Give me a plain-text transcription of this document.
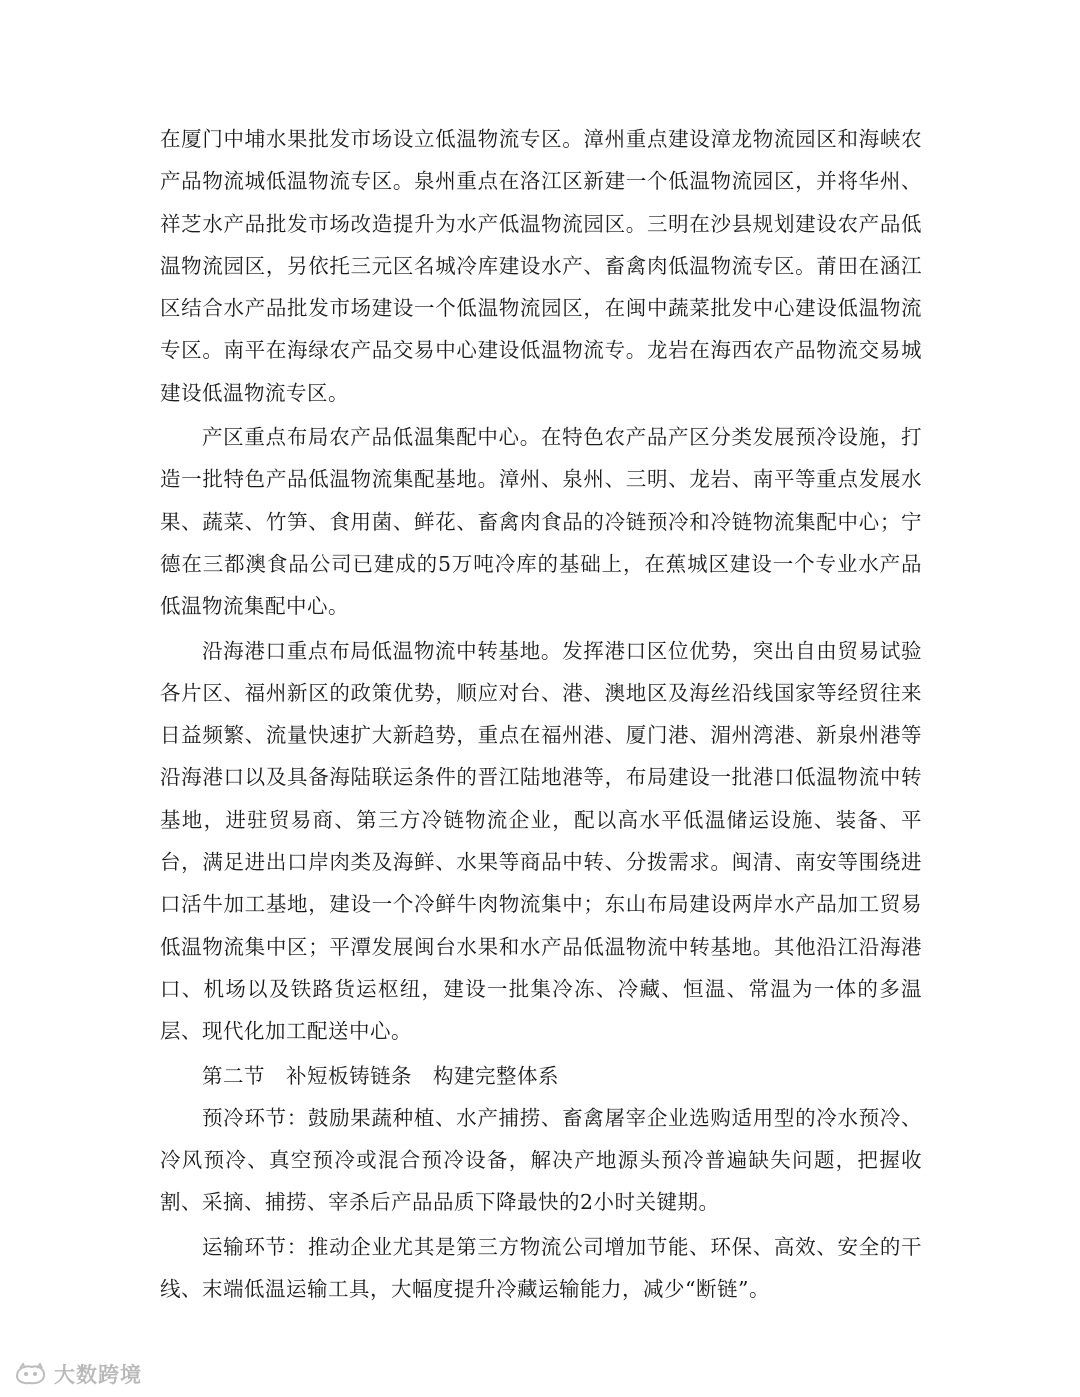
在厦门中埔水果批发市场设立低温物流专区。漳州重点建设漳龙物流园区和海峡农产品物流城低温物流专区。泉州重点在洛江区新建一个低温物流园区，并将华州、祥芝水产品批发市场改造提升为水产低温物流园区。三明在沙县规划建设农产品低温物流园区，另依托三元区名城冷库建设水产、畜禽肉低温物流专区。莆田在涵江区结合水产品批发市场建设一个低温物流园区，在闽中蔬菜批发中心建设低温物流专区。南平在海绿农产品交易中心建设低温物流专。龙岩在海西农产品物流交易城建设低温物流专区。

产区重点布局农产品低温集配中心。在特色农产品产区分类发展预冷设施，打造一批特色产品低温物流集配基地。漳州、泉州、三明、龙岩、南平等重点发展水果、蔬菜、竹笋、食用菌、鲜花、畜禽肉食品的冷链预冷和冷链物流集配中心；宁德在三都澳食品公司已建成的5万吨冷库的基础上，在蕉城区建设一个专业水产品低温物流集配中心。

沿海港口重点布局低温物流中转基地。发挥港口区位优势，突出自由贸易试验各片区、福州新区的政策优势，顺应对台、港、澳地区及海丝沿线国家等经贸往来日益频繁、流量快速扩大新趋势，重点在福州港、厦门港、湄州湾港、新泉州港等沿海港口以及具备海陆联运条件的晋江陆地港等，布局建设一批港口低温物流中转基地，进驻贸易商、第三方冷链物流企业，配以高水平低温储运设施、装备、平台，满足进出口岸肉类及海鲜、水果等商品中转、分拨需求。闽清、南安等围绕进口活牛加工基地，建设一个冷鲜牛肉物流集中；东山布局建设两岸水产品加工贸易低温物流集中区；平潭发展闽台水果和水产品低温物流中转基地。其他沿江沿海港口、机场以及铁路货运枢纽，建设一批集冷冻、冷藏、恒温、常温为一体的多温层、现代化加工配送中心。

第二节　补短板铸链条　构建完整体系

预冷环节：鼓励果蔬种植、水产捕捞、畜禽屠宰企业选购适用型的冷水预冷、冷风预冷、真空预冷或混合预冷设备，解决产地源头预冷普遍缺失问题，把握收割、采摘、捕捞、宰杀后产品品质下降最快的2小时关键期。

运输环节：推动企业尤其是第三方物流公司增加节能、环保、高效、安全的干线、末端低温运输工具，大幅度提升冷藏运输能力，减少“断链”。

大数跨境
